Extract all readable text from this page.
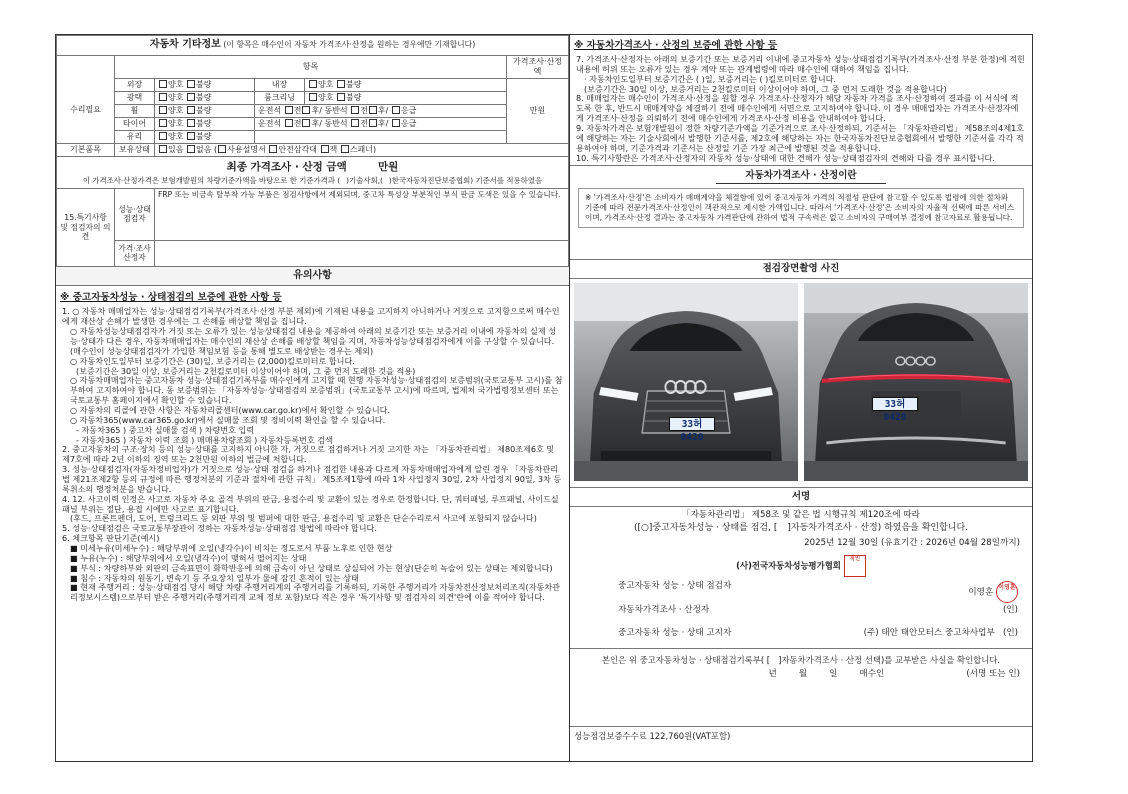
자동차 기타정보 (이 항목은 매수인이 자동차 가격조사·산정을 원하는 경우에만 기재합니다)					
	항목				가격조사·산정액
수리필요	외장	양호 불량	내장	양호 불량	만원
	광택	양호 불량	룸크리닝	양호 불량	
	휠	양호 불량	운전석 전 후/ 동반석 전 후/ 응급		
	타이어	양호 불량	운전석 전 후/ 동반석 전 후/ 응급		
	유리	양호 불량			
기본품목	보유상태	있음 없음 ( 사용설명서 안전삼각대 잭 스패너)			

최종 가격조사 · 산정 금액 만원
이 가격조사·산정가격은 보험개발원의 차량기준가액을 바탕으로 한 기준가격과 ( )기술사회,( )한국자동차진단보증협회) 기준서를 적용하였음					

15.특기사항 및 점검자의 의견	성능·상태 점검자	FRP 또는 비금속 탈부착 가능 부품은 점검사항에서 제외되며, 중고차 특성상 부분적인 부식 판금 도색은 있을 수 있습니다.			
	가격·조사 산정자				
유의사항
※ 중고자동차성능 · 상태점검의 보증에 관한 사항 등
1. ○ 자동차 매매업자는 성능·상태점검기록부(가격조사·산정 부분 제외)에 기재된 내용을 고지하지 아니하거나 거짓으로 고지함으로써 매수인에게 재산상 손해가 발생한 경우에는 그 손해를 배상할 책임을 집니다.
○ 자동차성능상태점검자가 거짓 또는 오류가 있는 성능상태점검 내용을 제공하여 아래의 보증기간 또는 보증거리 이내에 자동차의 실제 성능·상태가 다른 경우, 자동차매매업자는 매수인의 재산상 손해를 배상할 책임을 지며, 자동차성능상태점검자에게 이를 구상할 수 있습니다. (매수인이 성능상태점검자가 가입한 책임보험 등을 통해 별도로 배상받는 경우는 제외)
○ 자동차인도일부터 보증기간은 (30)일, 보증거리는 (2,000)킬로미터로 합니다.
(보증기간은 30일 이상, 보증거리는 2천킬로미터 이상이어야 하며, 그 중 먼저 도래한 것을 적용)
○ 자동차매매업자는 중고자동차 성능·상태점검기록부를 매수인에게 고지할 때 현행 자동차성능·상태점검의 보증범위(국토교통부 고시)를 첨부하여 고지하여야 합니다. 동 보증범위는 「자동차성능·상태점검의 보증범위」(국토교통부 고시)에 따르며, 법제처 국가법령정보센터 또는 국토교통부 홈페이지에서 확인할 수 있습니다.
○ 자동차의 리콜에 관한 사항은 자동차리콜센터(www.car.go.kr)에서 확인할 수 있습니다.
○ 자동차365(www.car365.go.kr)에서 실매물 조회 및 정비이력 확인을 할 수 있습니다.
- 자동차365 ) 중고차 실매물 검색 ) 차량번호 입력
- 자동차365 ) 자동차 이력 조회 ) 매매용차량조회 ) 자동차등록번호 검색
2. 중고자동차의 구조·장치 등의 성능·상태를 고지하지 아니한 자, 거짓으로 점검하거나 거짓 고지한 자는 「자동차관리법」 제80조제6호 및 제7호에 따라 2년 이하의 징역 또는 2천만원 이하의 벌금에 처합니다.
3. 성능·상태점검자(자동차정비업자)가 거짓으로 성능·상태 점검을 하거나 점검한 내용과 다르게 자동차매매업자에게 알린 경우 「자동차관리법 제21조제2항 등의 규정에 따른 행정처분의 기준과 절차에 관한 규칙」 제5조제1항에 따라 1차 사업정지 30일, 2차 사업정지 90일, 3차 등록취소의 행정처분을 받습니다.
4. 12. 사고이력 인정은 사고로 자동차 주요 골격 부위의 판금, 용접수리 및 교환이 있는 경우로 한정합니다. 단, 쿼터패널, 루프패널, 사이드실패널 부위는 절단, 용접 시에만 사고로 표기합니다.
(후드, 프론트펜더, 도어, 트렁크리드 등 외판 부위 및 범퍼에 대한 판금, 용접수리 및 교환은 단순수리로서 사고에 포함되지 않습니다)
5. 성능·상태점검은 국토교통부장관이 정하는 자동차성능·상태점검 방법에 따라야 합니다.
6. 체크항목 판단기준(예시)
■ 미세누유(미세누수) : 해당부위에 오일(냉각수)이 비치는 정도로서 부품 노후로 인한 현상
■ 누유(누수) : 해당부위에서 오일(냉각수)이 맺혀서 떨어지는 상태
■ 부식 : 차량하부와 외판의 금속표면이 화학반응에 의해 금속이 아닌 상태로 상실되어 가는 현상(단순히 녹슬어 있는 상태는 제외합니다)
■ 침수 : 자동차의 원동기, 변속기 등 주요장치 일부가 물에 잠긴 흔적이 있는 상태
■ 현재 주행거리 : 성능·상태점검 당시 해당 차량 주행거리계의 주행거리를 기록하되, 기록한 주행거리가 자동차전산정보처리조직(자동차관리정보시스템)으로부터 받은 주행거리(주행거리계 교체 정보 포함)보다 적은 경우 '특기사항 및 점검자의 의견'란에 이를 적어야 합니다.
※ 자동차가격조사 · 산정의 보증에 관한 사항 등
7. 가격조사·산정자는 아래의 보증기간 또는 보증거리 이내에 중고자동차 성능·상태점검기록부(가격조사·산정 부분 한정)에 적힌 내용에 허위 또는 오류가 있는 경우 계약 또는 관계법령에 따라 매수인에 대하여 책임을 집니다.
· 자동차인도일부터 보증기간은 ( )일, 보증거리는 ( )킬로미터로 합니다.
(보증기간은 30일 이상, 보증거리는 2천킬로미터 이상이어야 하며, 그 중 먼저 도래한 것을 적용합니다)
8. 매매업자는 매수인이 가격조사·산정을 원할 경우 가격조사·산정자가 해당 자동차 가격을 조사·산정하여 결과를 이 서식에 적도록 한 후, 반드시 매매계약을 체결하기 전에 매수인에게 서면으로 고지하여야 합니다. 이 경우 매매업자는 가격조사·산정자에게 가격조사·산정을 의뢰하기 전에 매수인에게 가격조사·산정 비용을 안내하여야 합니다.
9. 자동차가격은 보험개발원이 정한 차량기준가액을 기준가격으로 조사·산정하되, 기준서는 「자동차관리법」 제58조의4제1호에 해당하는 자는 기술사회에서 발행한 기준서를, 제2호에 해당하는 자는 한국자동차진단보증협회에서 발행한 기준서를 각각 적용하여야 하며, 기준가격과 기준서는 산정일 기준 가장 최근에 발행된 것을 적용합니다.
10. 특기사항란은 가격조사·산정자의 자동차 성능·상태에 대한 견해가 성능·상태점검자의 견해와 다를 경우 표시합니다.
자동차가격조사 · 산정이란
※ '가격조사·산정'은 소비자가 매매계약을 체결함에 있어 중고자동차 가격의 적절성 판단에 참고할 수 있도록 법령에 의한 절차와 기준에 따라 전문가격조사·산정인이 객관적으로 제시한 가액입니다. 따라서 '가격조사·산정'은 소비자의 자율적 선택에 따른 서비스이며, 가격조사·산정 결과는 중고자동차 가격판단에 관하여 법적 구속력은 없고 소비자의 구매여부 결정에 참고자료로 활용됩니다.
점검장면촬영 사진
33허 0420
33허 0420
서명
「자동차관리법」 제58조 및 같은 법 시행규칙 제120조에 따라
([○]중고자동차성능 · 상태를 점검, [ ]자동차가격조사 · 산정) 하였음을 확인합니다.
2025년 12월 30일 (유효기간 : 2026년 04월 28일까지)
(사)전국자동차성능평가협회 직인
중고자동차 성능 · 상태 점검자
이영훈 이영훈
자동차가격조사 · 산정자	(인)
중고자동차 성능 · 상태 고지자	(주) 태안 태안모터스 중고차사업부 (인)
본인은 위 중고자동차성능 · 상태점검기록부( [ ]자동차가격조사 · 산정 선택)를 교부받은 사실을 확인합니다.
년	월	일	매수인	(서명 또는 인)
성능점검보증수수료 122,760원(VAT포함)
